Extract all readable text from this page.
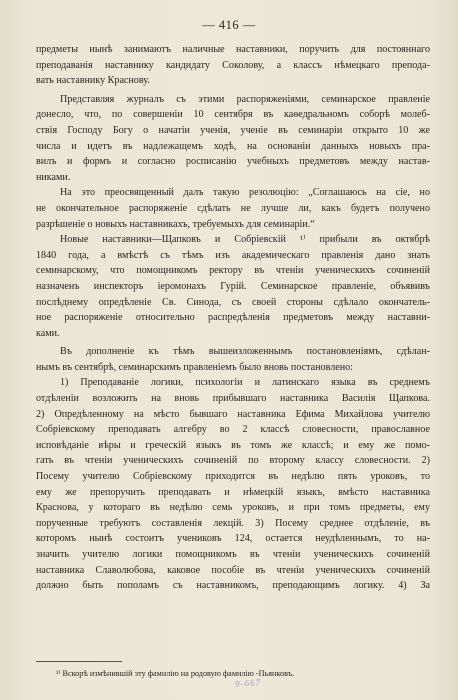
— 416 —
предметы нынѣ занимаютъ наличные наставники, поручить для постояннаго
преподаванія наставнику кандидату Соколову, а классъ нѣмецкаго препода-
вать наставнику Краснову.
Представляя журналъ съ этими распоряженіями, семинарское правленіе
донесло, что, по совершеніи 10 сентября въ каѳедральномъ соборѣ молеб-
ствія Господу Богу о начатіи ученія, ученіе въ семинаріи открыто 10 же
числа и идетъ въ надлежащемъ ходѣ, на основаніи данныхъ новыхъ пра-
вилъ и формъ и согласно росписанію учебныхъ предметовъ между настав-
никами.
На это преосвященный далъ такую резолюцію: „Соглашаюсь на сіе, но
не окончательное распоряженіе сдѣлать не лучше ли, какъ будетъ получено
разрѣшеніе о новыхъ наставникахъ, требуемыхъ для семинаріи.“
Новые наставники—Щапковъ и Собріевскій ¹⁾ прибыли въ октябрѣ
1840 года, а вмѣстѣ съ тѣмъ изъ академическаго правленія дано знать
семинарскому, что помощникомъ ректору въ чтеніи ученическихъ сочиненій
назначенъ инспекторъ іеромонахъ Гурій. Семинарское правленіе, объявивъ
послѣднему опредѣленіе Св. Синода, съ своей стороны сдѣлало окончатель-
ное распоряженіе относительно распредѣленія предметовъ между наставни-
ками.
Въ дополненіе къ тѣмъ вышеизложеннымъ постановленіямъ, сдѣлан-
нымъ въ сентябрѣ, семинарскимъ правленіемъ было вновь постановлено:
1) Преподаваніе логики, психологіи и латинскаго языка въ среднемъ
отдѣленіи возложить на вновь прибывшаго наставника Василія Щапкова.
2) Опредѣленному на мѣсто бывшаго наставника Ефима Михайлова учителю
Собріевскому преподавать алгебру во 2 классѣ словесности, православное
исповѣданіе вѣры и греческій языкъ въ томъ же классѣ; и ему же помо-
гать въ чтеніи ученическихъ сочиненій по второму классу словесности. 2)
Посему учителю Собріевскому приходится въ недѣлю пять уроковъ, то
ему же препоручить преподавать и нѣмецкій языкъ, вмѣсто наставника
Краснова, у котораго въ недѣлю семь уроковъ, и при томъ предметы, ему
порученные требуютъ составленія лекцій. 3) Посему среднее отдѣленіе, въ
которомъ нынѣ состоитъ учениковъ 124, остается неудѣленнымъ, то на-
значить учителю логики помощникомъ въ чтеніи ученическихъ сочиненій
наставника Славолюбова, каковое пособіе въ чтеніи ученическихъ сочиненій
должно быть пополамъ съ наставникомъ, преподающимъ логику. 4) За
¹⁾ Вскорѣ измѣнившій эту фамилію на родовую фамилію -Пьянковъ.
9-667
